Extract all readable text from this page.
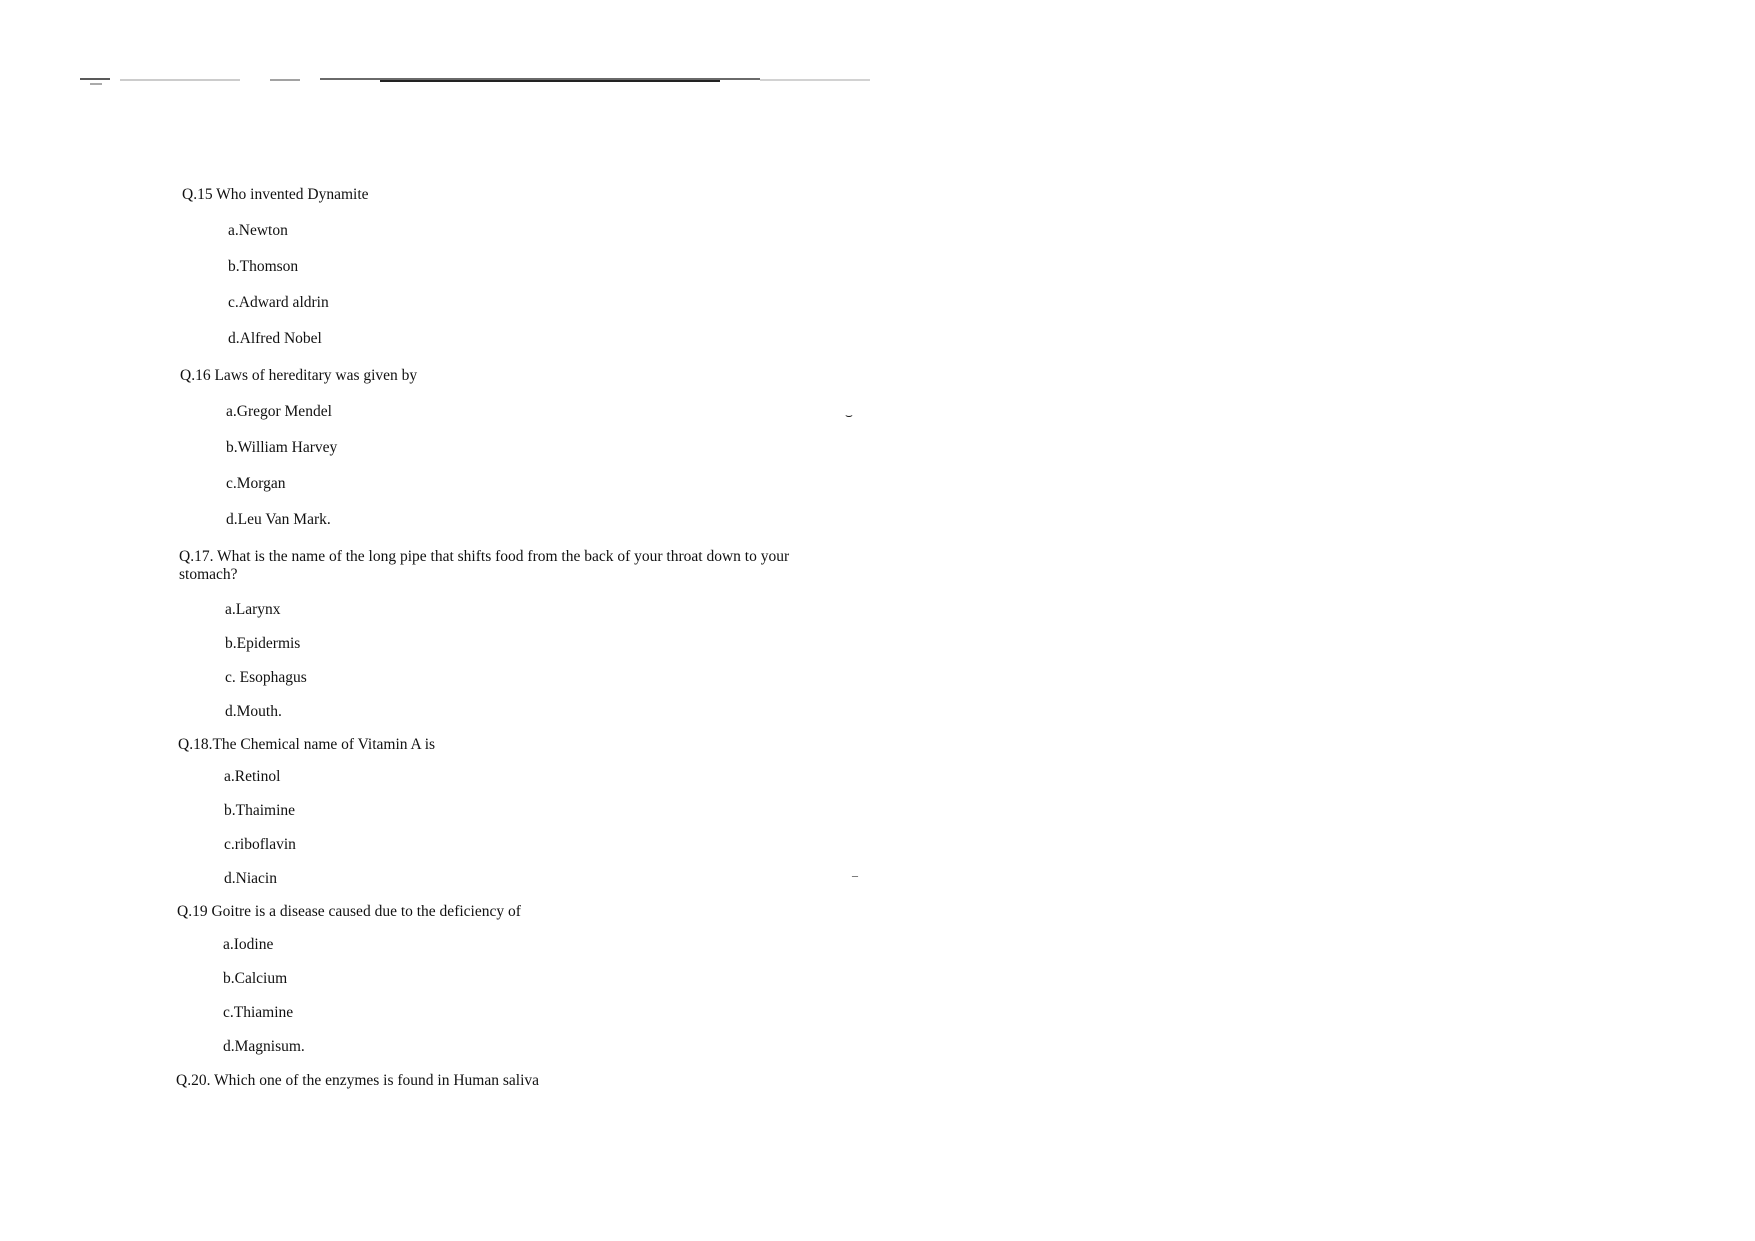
Q.15 Who invented Dynamite
a.Newton
b.Thomson
c.Adward aldrin
d.Alfred Nobel
Q.16 Laws of hereditary was given by
a.Gregor Mendel
b.William Harvey
c.Morgan
d.Leu Van Mark.
Q.17. What is the name of the long pipe that shifts food from the back of your throat down to your stomach?
a.Larynx
b.Epidermis
c. Esophagus
d.Mouth.
Q.18.The Chemical name of Vitamin A is
a.Retinol
b.Thaimine
c.riboflavin
d.Niacin
Q.19 Goitre is a disease caused due to the deficiency of
a.Iodine
b.Calcium
c.Thiamine
d.Magnisum.
Q.20. Which one of the enzymes is found in Human saliva
⌣
–
